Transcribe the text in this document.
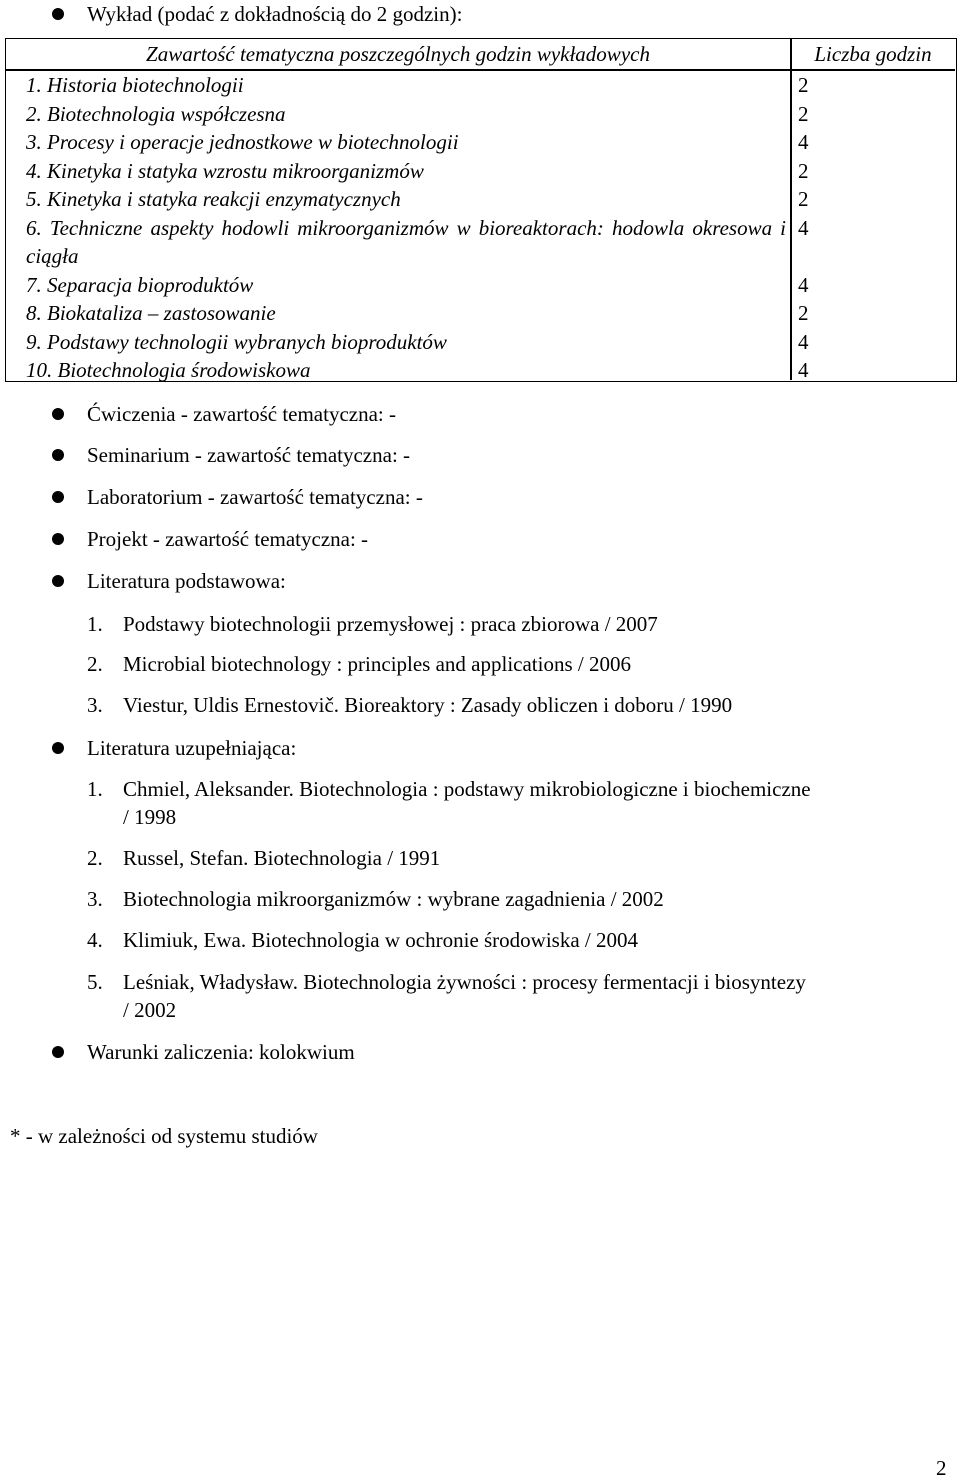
Wykład (podać z dokładnością do 2 godzin):
Zawartość tematyczna poszczególnych godzin wykładowych	Liczba godzin
1. Historia biotechnologii
2. Biotechnologia współczesna
3. Procesy i operacje jednostkowe w biotechnologii
4. Kinetyka i statyka wzrostu mikroorganizmów
5. Kinetyka i statyka reakcji enzymatycznych
6. Techniczne aspekty hodowli mikroorganizmów w bioreaktorach: hodowla okresowa i ciągła
7. Separacja bioproduktów
8. Biokataliza – zastosowanie
9. Podstawy technologii wybranych bioproduktów
10. Biotechnologia środowiskowa
2
2
4
2
2
4
4
2
4
4
Ćwiczenia - zawartość tematyczna: -
Seminarium - zawartość tematyczna: -
Laboratorium - zawartość tematyczna: -
Projekt - zawartość tematyczna: -
Literatura podstawowa:
1. Podstawy biotechnologii przemysłowej : praca zbiorowa / 2007
2. Microbial biotechnology : principles and applications / 2006
3. Viestur, Uldis Ernestovič. Bioreaktory : Zasady obliczen i doboru / 1990
Literatura uzupełniająca:
1. Chmiel, Aleksander. Biotechnologia : podstawy mikrobiologiczne i biochemiczne
/ 1998
2. Russel, Stefan. Biotechnologia / 1991
3. Biotechnologia mikroorganizmów : wybrane zagadnienia / 2002
4. Klimiuk, Ewa. Biotechnologia w ochronie środowiska / 2004
5. Leśniak, Władysław. Biotechnologia żywności : procesy fermentacji i biosyntezy
/ 2002
Warunki zaliczenia: kolokwium
* - w zależności od systemu studiów
2
